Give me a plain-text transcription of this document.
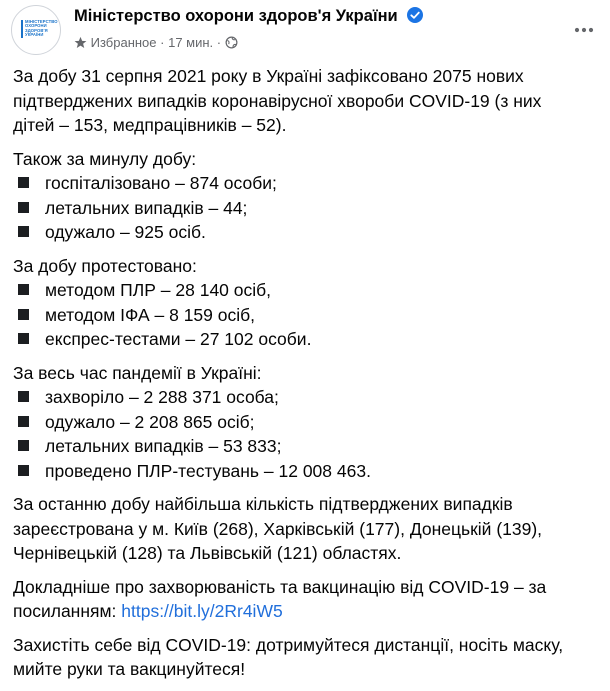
МІНІСТЕРСТВО ОХОРОНИ ЗДОРОВ'Я УКРАЇНИ
Міністерство охорони здоров'я України
Избранное · 17 мин. ·
За добу 31 серпня 2021 року в Україні зафіксовано 2075 нових
підтверджених випадків коронавірусної хвороби COVID-19 (з них
дітей – 153, медпрацівників – 52).
Також за минулу добу:
госпіталізовано – 874 особи;
летальних випадків – 44;
одужало – 925 осіб.
За добу протестовано:
методом ПЛР – 28 140 осіб,
методом ІФА – 8 159 осіб,
експрес-тестами – 27 102 особи.
За весь час пандемії в Україні:
захворіло – 2 288 371 особа;
одужало – 2 208 865 осіб;
летальних випадків – 53 833;
проведено ПЛР-тестувань – 12 008 463.
За останню добу найбільша кількість підтверджених випадків
зареєстрована у м. Київ (268), Харківській (177), Донецькій (139),
Чернівецькій (128) та Львівській (121) областях.
Докладніше про захворюваність та вакцинацію від COVID-19 – за
посиланням: https://bit.ly/2Rr4iW5
Захистіть себе від COVID-19: дотримуйтеся дистанції, носіть маску,
мийте руки та вакцинуйтеся!
